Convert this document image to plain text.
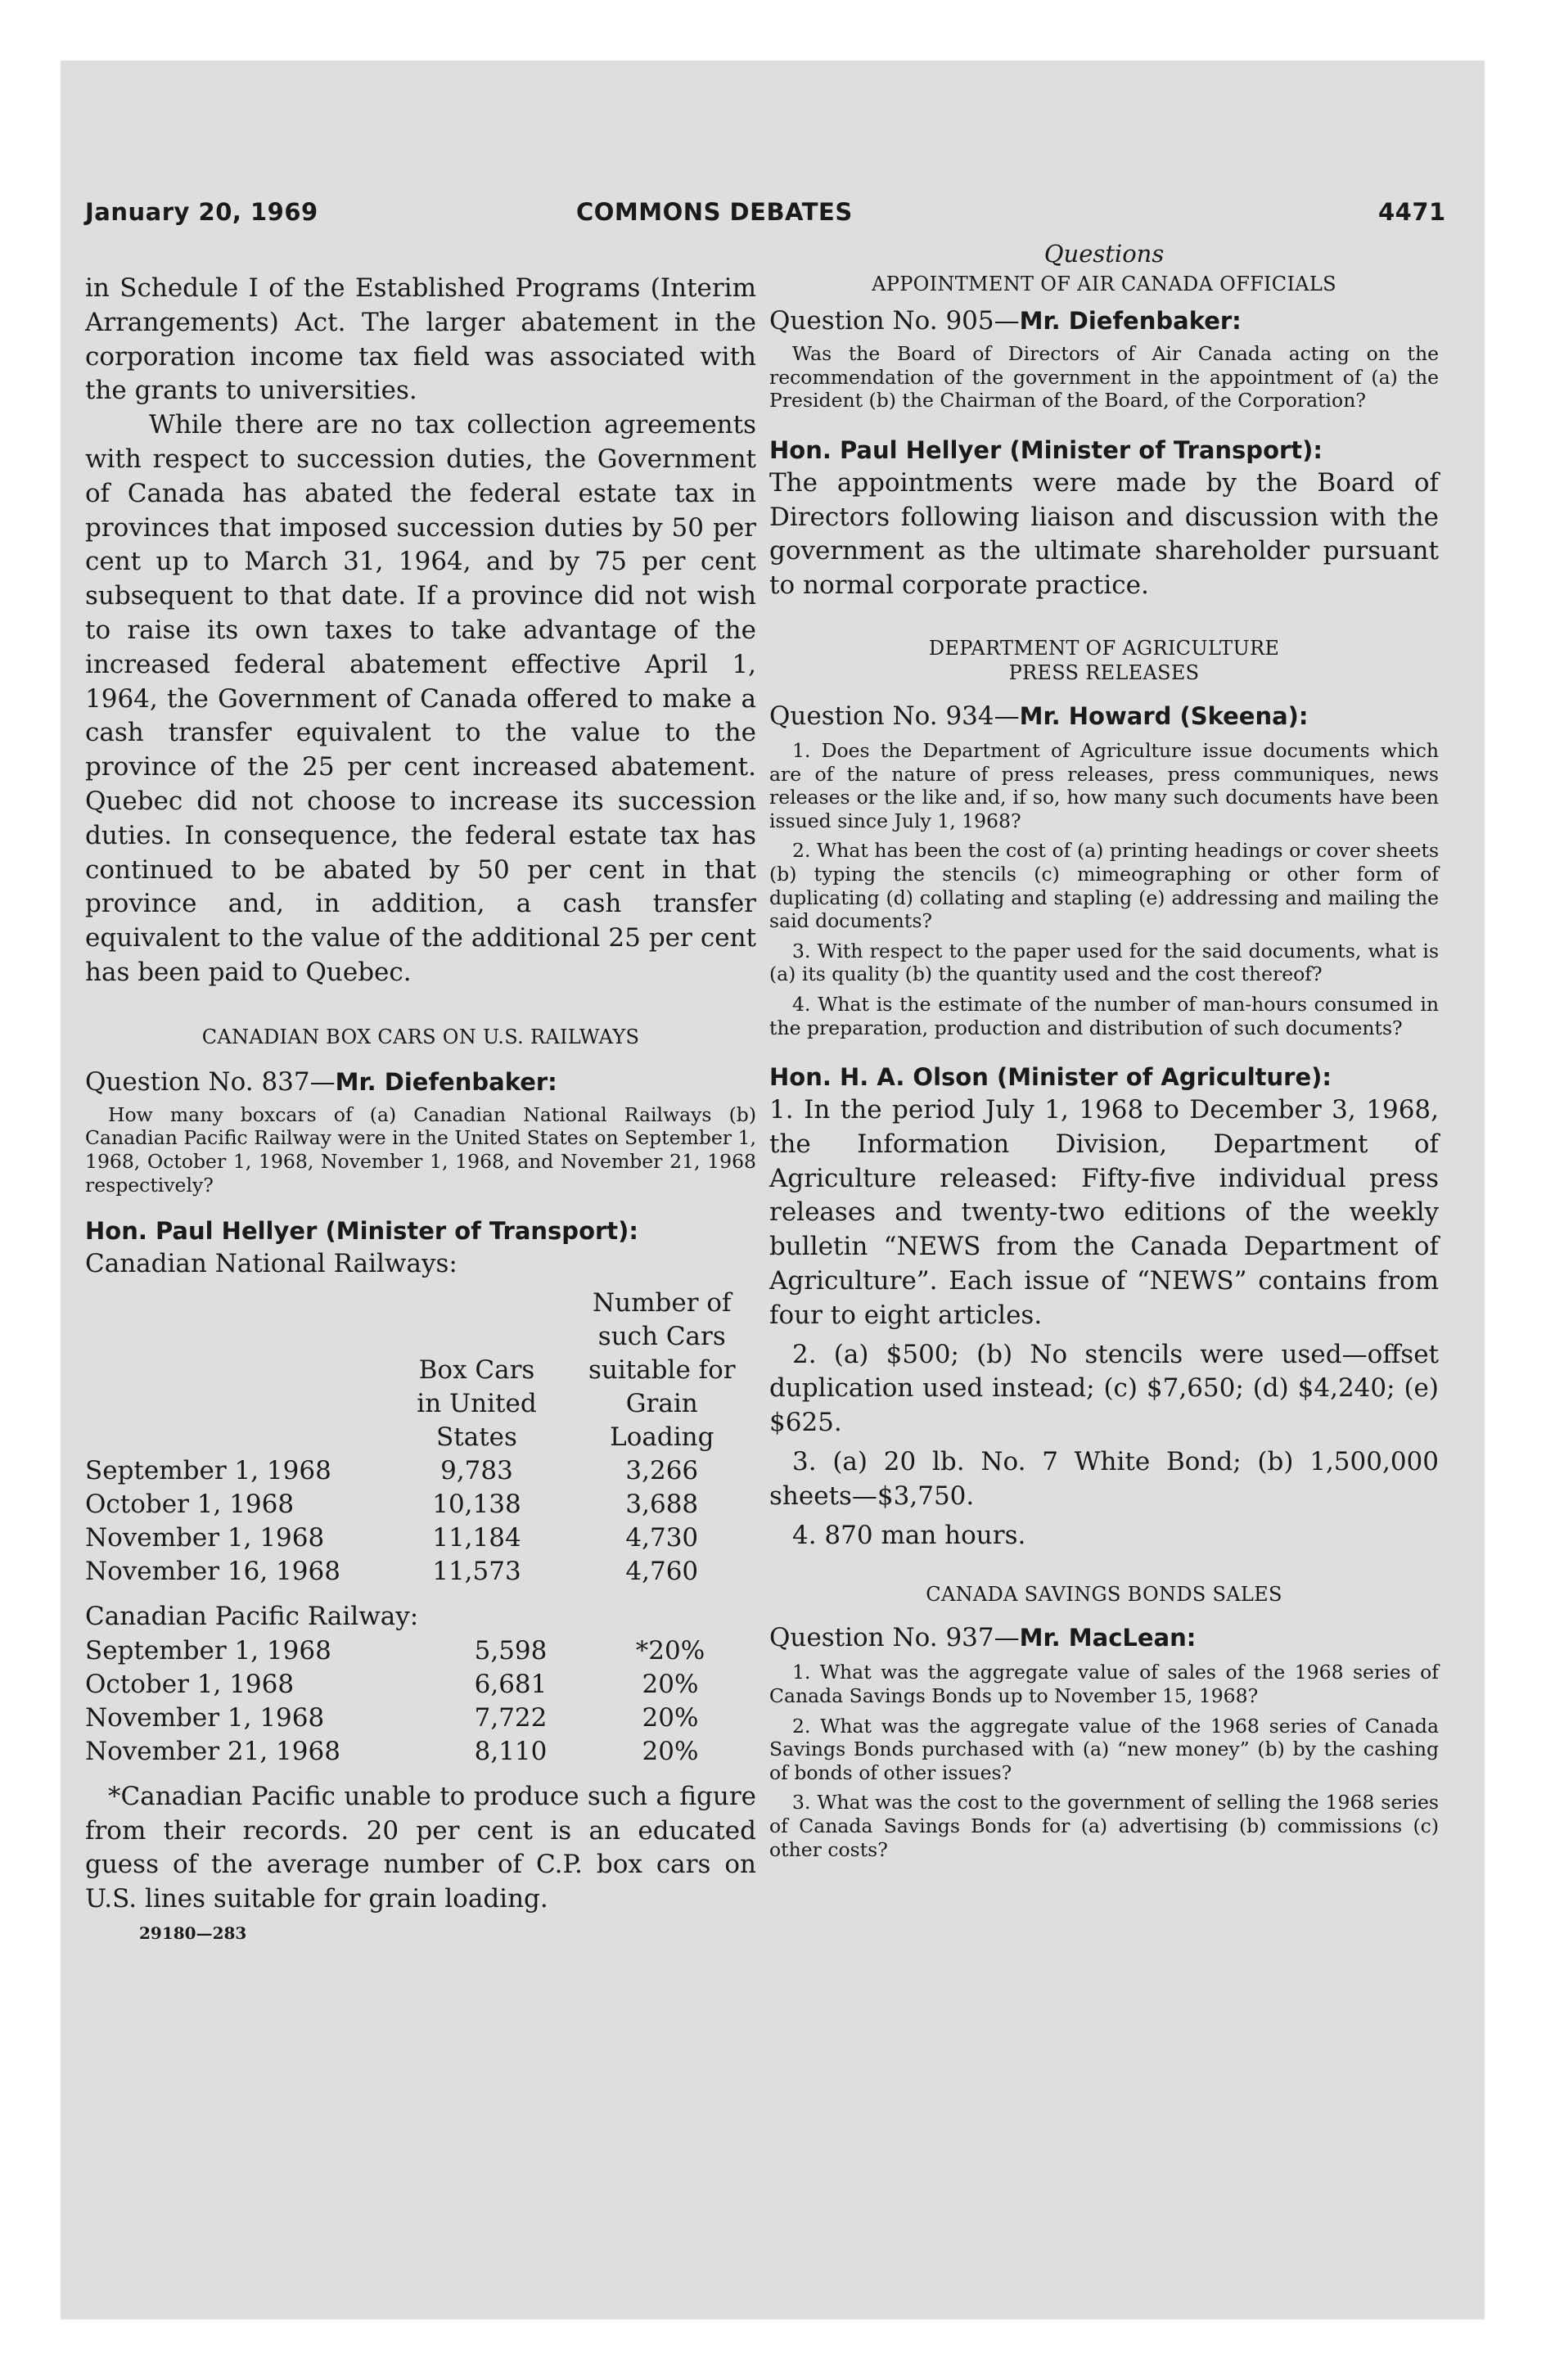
January 20, 1969	COMMONS DEBATES	4471

in Schedule I of the Established Programs (Interim Arrangements) Act. The larger abatement in the corporation income tax field was associated with the grants to universities.

While there are no tax collection agreements with respect to succession duties, the Government of Canada has abated the federal estate tax in provinces that imposed succession duties by 50 per cent up to March 31, 1964, and by 75 per cent subsequent to that date. If a province did not wish to raise its own taxes to take advantage of the increased federal abatement effective April 1, 1964, the Government of Canada offered to make a cash transfer equivalent to the value to the province of the 25 per cent increased abatement. Quebec did not choose to increase its succession duties. In consequence, the federal estate tax has continued to be abated by 50 per cent in that province and, in addition, a cash transfer equivalent to the value of the additional 25 per cent has been paid to Quebec.

CANADIAN BOX CARS ON U.S. RAILWAYS

Question No. 837—Mr. Diefenbaker:

How many boxcars of (a) Canadian National Railways (b) Canadian Pacific Railway were in the United States on September 1, 1968, October 1, 1968, November 1, 1968, and November 21, 1968 respectively?

Hon. Paul Hellyer (Minister of Transport):

Canadian National Railways:

	Box Cars in United States	Number of such Cars suitable for Grain Loading
September 1, 1968	9,783	3,266
October 1, 1968	10,138	3,688
November 1, 1968	11,184	4,730
November 16, 1968	11,573	4,760

Canadian Pacific Railway:

September 1, 1968	5,598	*20%
October 1, 1968	6,681	20%
November 1, 1968	7,722	20%
November 21, 1968	8,110	20%

*Canadian Pacific unable to produce such a figure from their records. 20 per cent is an educated guess of the average number of C.P. box cars on U.S. lines suitable for grain loading.

29180—283

Questions

APPOINTMENT OF AIR CANADA OFFICIALS

Question No. 905—Mr. Diefenbaker:

Was the Board of Directors of Air Canada acting on the recommendation of the government in the appointment of (a) the President (b) the Chairman of the Board, of the Corporation?

Hon. Paul Hellyer (Minister of Transport):

The appointments were made by the Board of Directors following liaison and discussion with the government as the ultimate shareholder pursuant to normal corporate practice.

DEPARTMENT OF AGRICULTURE
PRESS RELEASES

Question No. 934—Mr. Howard (Skeena):

1. Does the Department of Agriculture issue documents which are of the nature of press releases, press communiques, news releases or the like and, if so, how many such documents have been issued since July 1, 1968?

2. What has been the cost of (a) printing headings or cover sheets (b) typing the stencils (c) mimeographing or other form of duplicating (d) collating and stapling (e) addressing and mailing the said documents?

3. With respect to the paper used for the said documents, what is (a) its quality (b) the quantity used and the cost thereof?

4. What is the estimate of the number of man-hours consumed in the preparation, production and distribution of such documents?

Hon. H. A. Olson (Minister of Agriculture):

1. In the period July 1, 1968 to December 3, 1968, the Information Division, Department of Agriculture released: Fifty-five individual press releases and twenty-two editions of the weekly bulletin “NEWS from the Canada Department of Agriculture”. Each issue of “NEWS” contains from four to eight articles.

2. (a) $500; (b) No stencils were used—offset duplication used instead; (c) $7,650; (d) $4,240; (e) $625.

3. (a) 20 lb. No. 7 White Bond; (b) 1,500,000 sheets—$3,750.

4. 870 man hours.

CANADA SAVINGS BONDS SALES

Question No. 937—Mr. MacLean:

1. What was the aggregate value of sales of the 1968 series of Canada Savings Bonds up to November 15, 1968?

2. What was the aggregate value of the 1968 series of Canada Savings Bonds purchased with (a) “new money” (b) by the cashing of bonds of other issues?

3. What was the cost to the government of selling the 1968 series of Canada Savings Bonds for (a) advertising (b) commissions (c) other costs?
